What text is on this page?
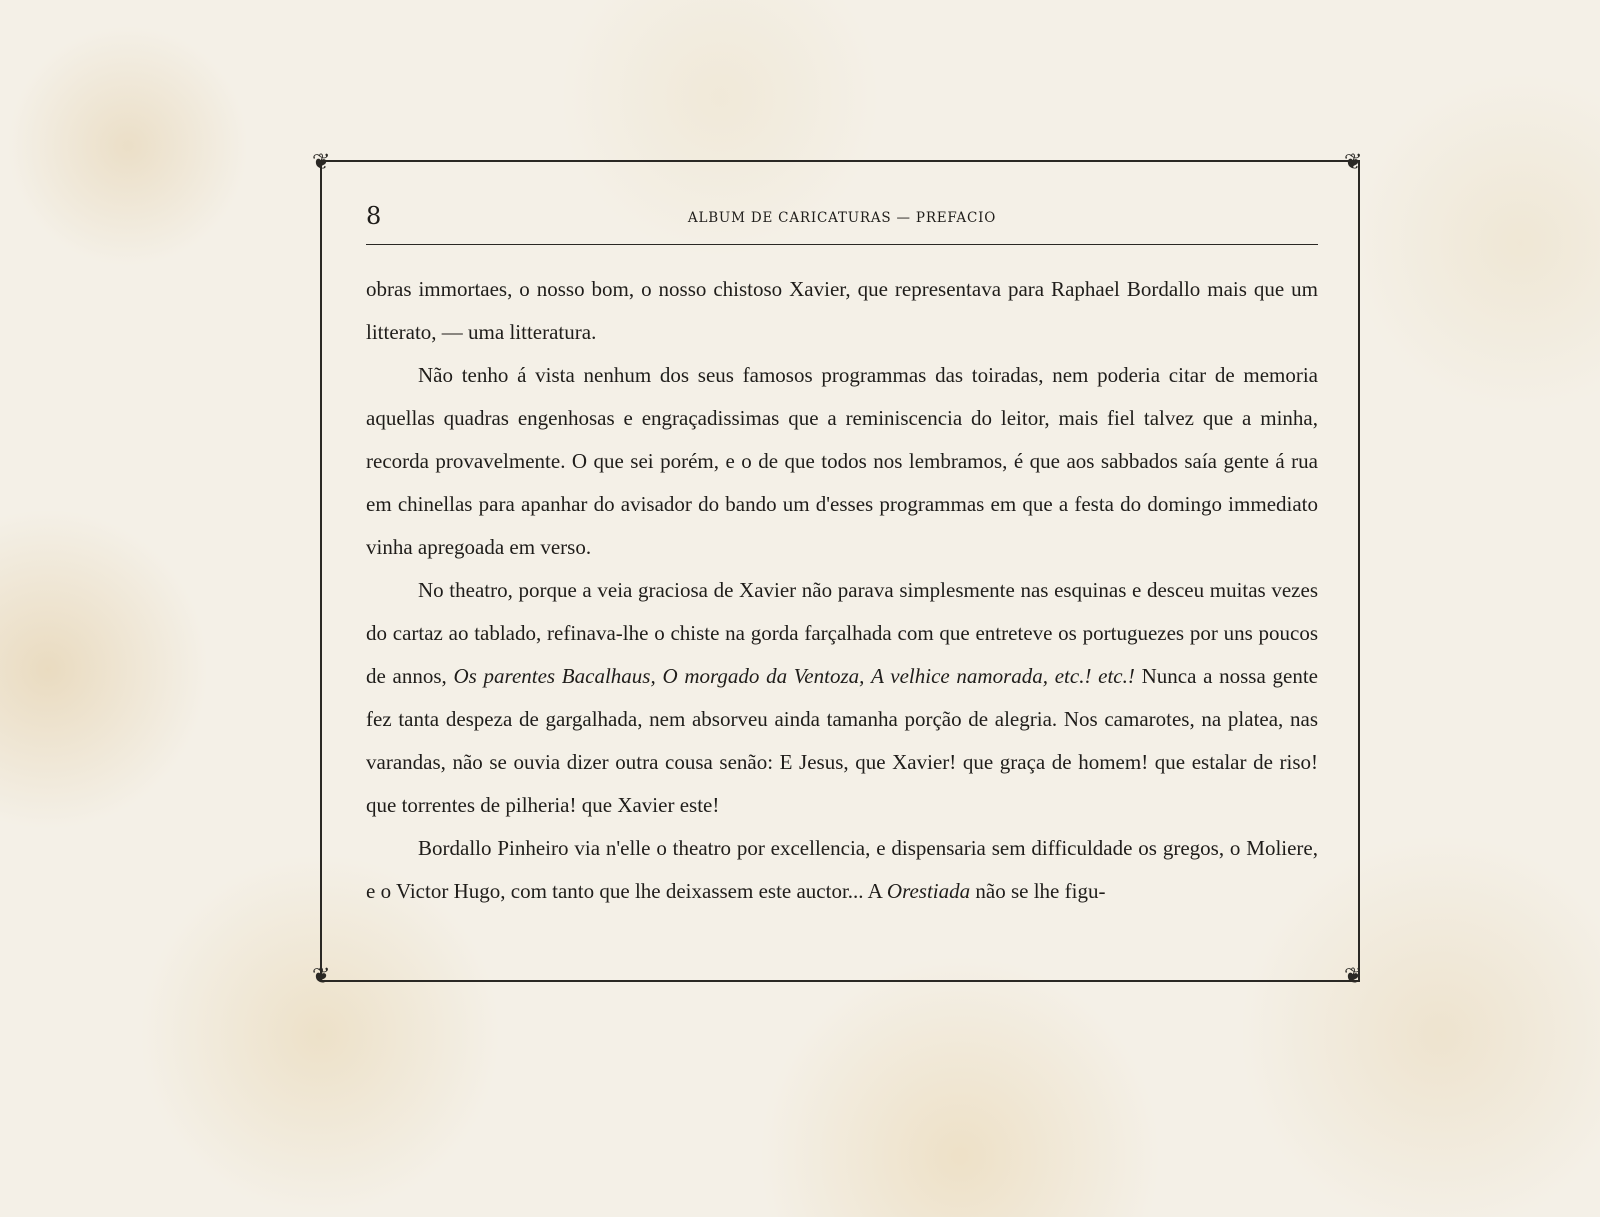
❦	❦
❦	❦
8	ALBUM DE CARICATURAS — PREFACIO

obras immortaes, o nosso bom, o nosso chistoso Xavier, que representava para Raphael Bordallo mais que um litterato, — uma litteratura.

Não tenho á vista nenhum dos seus famosos programmas das toiradas, nem poderia citar de memoria aquellas quadras engenhosas e engraçadissimas que a reminiscencia do leitor, mais fiel talvez que a minha, recorda provavelmente. O que sei porém, e o de que todos nos lembramos, é que aos sabbados saía gente á rua em chinellas para apanhar do avisador do bando um d'esses programmas em que a festa do domingo immediato vinha apregoada em verso.

No theatro, porque a veia graciosa de Xavier não parava simplesmente nas esquinas e desceu muitas vezes do cartaz ao tablado, refinava-lhe o chiste na gorda farçalhada com que entreteve os portuguezes por uns poucos de annos, Os parentes Bacalhaus, O morgado da Ventoza, A velhice namorada, etc.! etc.! Nunca a nossa gente fez tanta despeza de gargalhada, nem absorveu ainda tamanha porção de alegria. Nos camarotes, na platea, nas varandas, não se ouvia dizer outra cousa senão: E Jesus, que Xavier! que graça de homem! que estalar de riso! que torrentes de pilheria! que Xavier este!

Bordallo Pinheiro via n'elle o theatro por excellencia, e dispensaria sem difficuldade os gregos, o Moliere, e o Victor Hugo, com tanto que lhe deixassem este auctor... A Orestiada não se lhe figu-
